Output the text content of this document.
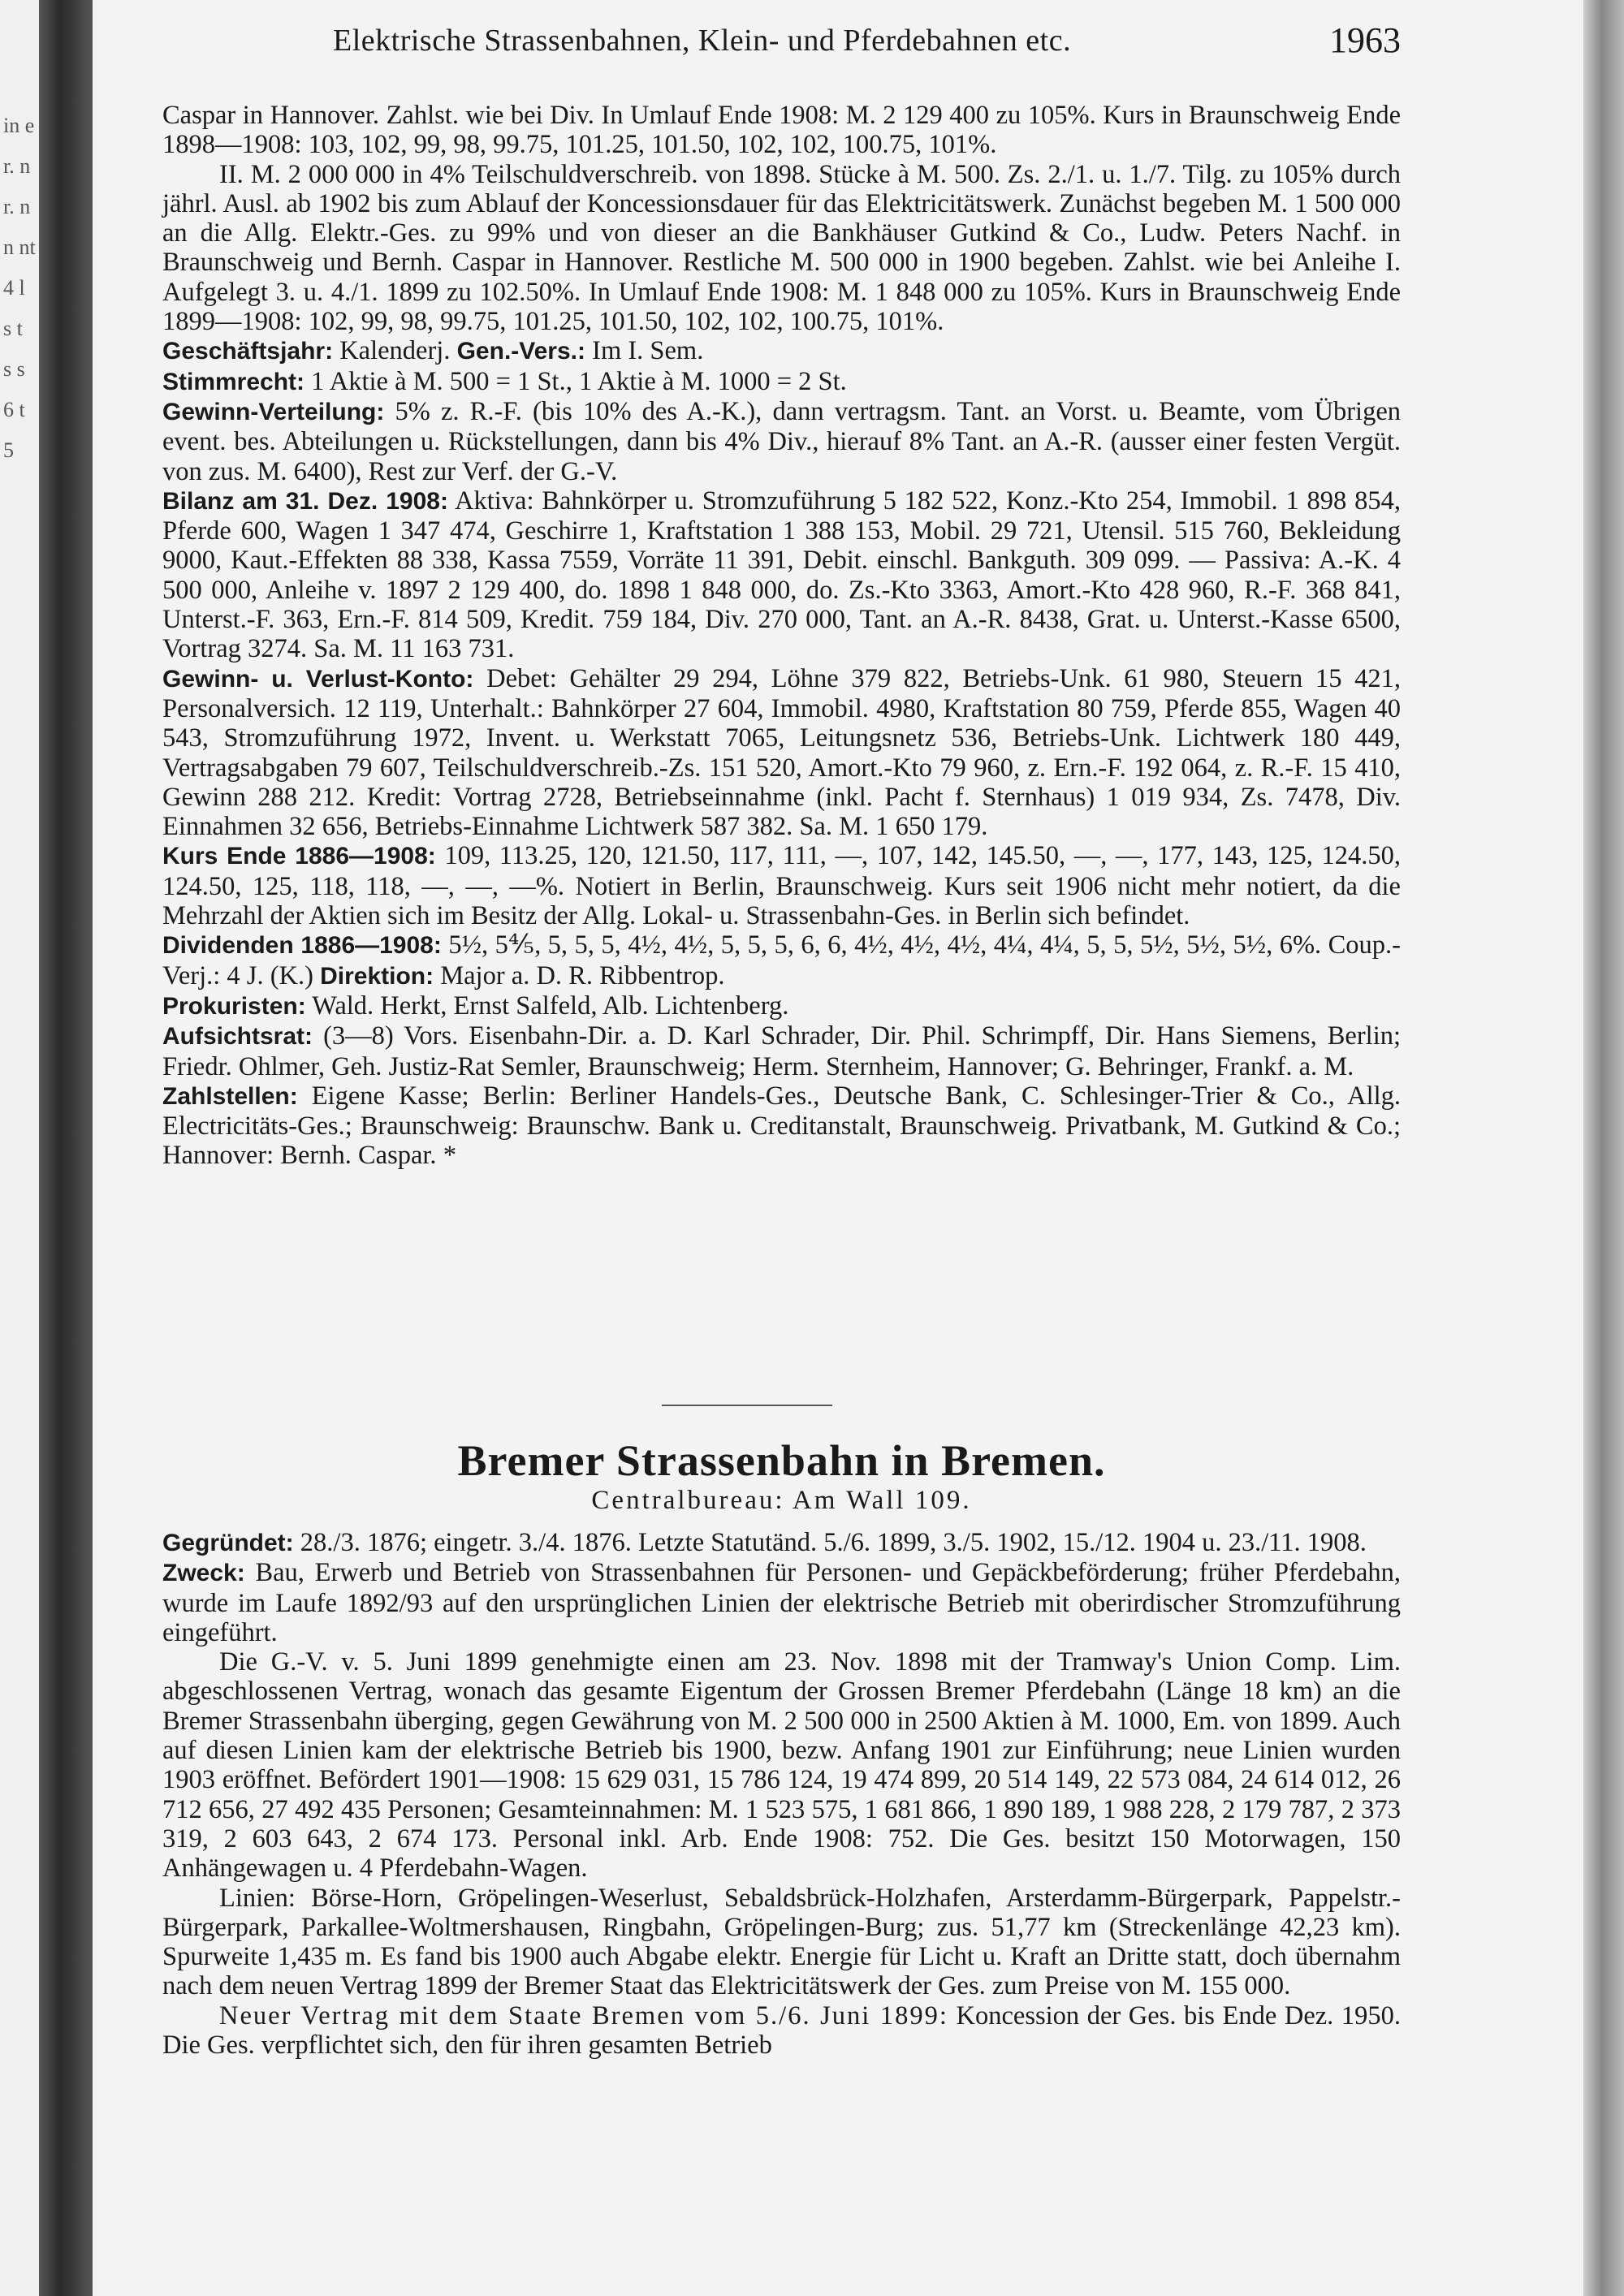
in e r. n r. n n nt 4 l s t s s 6 t 5
Elektrische Strassenbahnen, Klein- und Pferdebahnen etc.	1963

Caspar in Hannover. Zahlst. wie bei Div. In Umlauf Ende 1908: M. 2 129 400 zu 105%. Kurs in Braunschweig Ende 1898—1908: 103, 102, 99, 98, 99.75, 101.25, 101.50, 102, 102, 100.75, 101%.

II. M. 2 000 000 in 4% Teilschuldverschreib. von 1898. Stücke à M. 500. Zs. 2./1. u. 1./7. Tilg. zu 105% durch jährl. Ausl. ab 1902 bis zum Ablauf der Koncessionsdauer für das Elektricitätswerk. Zunächst begeben M. 1 500 000 an die Allg. Elektr.-Ges. zu 99% und von dieser an die Bankhäuser Gutkind & Co., Ludw. Peters Nachf. in Braunschweig und Bernh. Caspar in Hannover. Restliche M. 500 000 in 1900 begeben. Zahlst. wie bei Anleihe I. Aufgelegt 3. u. 4./1. 1899 zu 102.50%. In Umlauf Ende 1908: M. 1 848 000 zu 105%. Kurs in Braunschweig Ende 1899—1908: 102, 99, 98, 99.75, 101.25, 101.50, 102, 102, 100.75, 101%.

Geschäftsjahr: Kalenderj. Gen.-Vers.: Im I. Sem.

Stimmrecht: 1 Aktie à M. 500 = 1 St., 1 Aktie à M. 1000 = 2 St.

Gewinn-Verteilung: 5% z. R.-F. (bis 10% des A.-K.), dann vertragsm. Tant. an Vorst. u. Beamte, vom Übrigen event. bes. Abteilungen u. Rückstellungen, dann bis 4% Div., hierauf 8% Tant. an A.-R. (ausser einer festen Vergüt. von zus. M. 6400), Rest zur Verf. der G.-V.

Bilanz am 31. Dez. 1908: Aktiva: Bahnkörper u. Stromzuführung 5 182 522, Konz.-Kto 254, Immobil. 1 898 854, Pferde 600, Wagen 1 347 474, Geschirre 1, Kraftstation 1 388 153, Mobil. 29 721, Utensil. 515 760, Bekleidung 9000, Kaut.-Effekten 88 338, Kassa 7559, Vorräte 11 391, Debit. einschl. Bankguth. 309 099. — Passiva: A.-K. 4 500 000, Anleihe v. 1897 2 129 400, do. 1898 1 848 000, do. Zs.-Kto 3363, Amort.-Kto 428 960, R.-F. 368 841, Unterst.-F. 363, Ern.-F. 814 509, Kredit. 759 184, Div. 270 000, Tant. an A.-R. 8438, Grat. u. Unterst.-Kasse 6500, Vortrag 3274. Sa. M. 11 163 731.

Gewinn- u. Verlust-Konto: Debet: Gehälter 29 294, Löhne 379 822, Betriebs-Unk. 61 980, Steuern 15 421, Personalversich. 12 119, Unterhalt.: Bahnkörper 27 604, Immobil. 4980, Kraftstation 80 759, Pferde 855, Wagen 40 543, Stromzuführung 1972, Invent. u. Werkstatt 7065, Leitungsnetz 536, Betriebs-Unk. Lichtwerk 180 449, Vertragsabgaben 79 607, Teilschuldverschreib.-Zs. 151 520, Amort.-Kto 79 960, z. Ern.-F. 192 064, z. R.-F. 15 410, Gewinn 288 212. Kredit: Vortrag 2728, Betriebseinnahme (inkl. Pacht f. Sternhaus) 1 019 934, Zs. 7478, Div. Einnahmen 32 656, Betriebs-Einnahme Lichtwerk 587 382. Sa. M. 1 650 179.

Kurs Ende 1886—1908: 109, 113.25, 120, 121.50, 117, 111, —, 107, 142, 145.50, —, —, 177, 143, 125, 124.50, 124.50, 125, 118, 118, —, —, —%. Notiert in Berlin, Braunschweig. Kurs seit 1906 nicht mehr notiert, da die Mehrzahl der Aktien sich im Besitz der Allg. Lokal- u. Strassenbahn-Ges. in Berlin sich befindet.

Dividenden 1886—1908: 5½, 5⅘, 5, 5, 5, 4½, 4½, 5, 5, 5, 6, 6, 4½, 4½, 4½, 4¼, 4¼, 5, 5, 5½, 5½, 5½, 6%. Coup.-Verj.: 4 J. (K.) Direktion: Major a. D. R. Ribbentrop.

Prokuristen: Wald. Herkt, Ernst Salfeld, Alb. Lichtenberg.

Aufsichtsrat: (3—8) Vors. Eisenbahn-Dir. a. D. Karl Schrader, Dir. Phil. Schrimpff, Dir. Hans Siemens, Berlin; Friedr. Ohlmer, Geh. Justiz-Rat Semler, Braunschweig; Herm. Sternheim, Hannover; G. Behringer, Frankf. a. M.

Zahlstellen: Eigene Kasse; Berlin: Berliner Handels-Ges., Deutsche Bank, C. Schlesinger-Trier & Co., Allg. Electricitäts-Ges.; Braunschweig: Braunschw. Bank u. Creditanstalt, Braunschweig. Privatbank, M. Gutkind & Co.; Hannover: Bernh. Caspar. *

Bremer Strassenbahn in Bremen.
Centralbureau: Am Wall 109.

Gegründet: 28./3. 1876; eingetr. 3./4. 1876. Letzte Statutänd. 5./6. 1899, 3./5. 1902, 15./12. 1904 u. 23./11. 1908.

Zweck: Bau, Erwerb und Betrieb von Strassenbahnen für Personen- und Gepäckbeförderung; früher Pferdebahn, wurde im Laufe 1892/93 auf den ursprünglichen Linien der elektrische Betrieb mit oberirdischer Stromzuführung eingeführt.

Die G.-V. v. 5. Juni 1899 genehmigte einen am 23. Nov. 1898 mit der Tramway's Union Comp. Lim. abgeschlossenen Vertrag, wonach das gesamte Eigentum der Grossen Bremer Pferdebahn (Länge 18 km) an die Bremer Strassenbahn überging, gegen Gewährung von M. 2 500 000 in 2500 Aktien à M. 1000, Em. von 1899. Auch auf diesen Linien kam der elektrische Betrieb bis 1900, bezw. Anfang 1901 zur Einführung; neue Linien wurden 1903 eröffnet. Befördert 1901—1908: 15 629 031, 15 786 124, 19 474 899, 20 514 149, 22 573 084, 24 614 012, 26 712 656, 27 492 435 Personen; Gesamteinnahmen: M. 1 523 575, 1 681 866, 1 890 189, 1 988 228, 2 179 787, 2 373 319, 2 603 643, 2 674 173. Personal inkl. Arb. Ende 1908: 752. Die Ges. besitzt 150 Motorwagen, 150 Anhängewagen u. 4 Pferdebahn-Wagen.

Linien: Börse-Horn, Gröpelingen-Weserlust, Sebaldsbrück-Holzhafen, Arsterdamm-Bürgerpark, Pappelstr.-Bürgerpark, Parkallee-Woltmershausen, Ringbahn, Gröpelingen-Burg; zus. 51,77 km (Streckenlänge 42,23 km). Spurweite 1,435 m. Es fand bis 1900 auch Abgabe elektr. Energie für Licht u. Kraft an Dritte statt, doch übernahm nach dem neuen Vertrag 1899 der Bremer Staat das Elektricitätswerk der Ges. zum Preise von M. 155 000.

Neuer Vertrag mit dem Staate Bremen vom 5./6. Juni 1899: Koncession der Ges. bis Ende Dez. 1950. Die Ges. verpflichtet sich, den für ihren gesamten Betrieb
